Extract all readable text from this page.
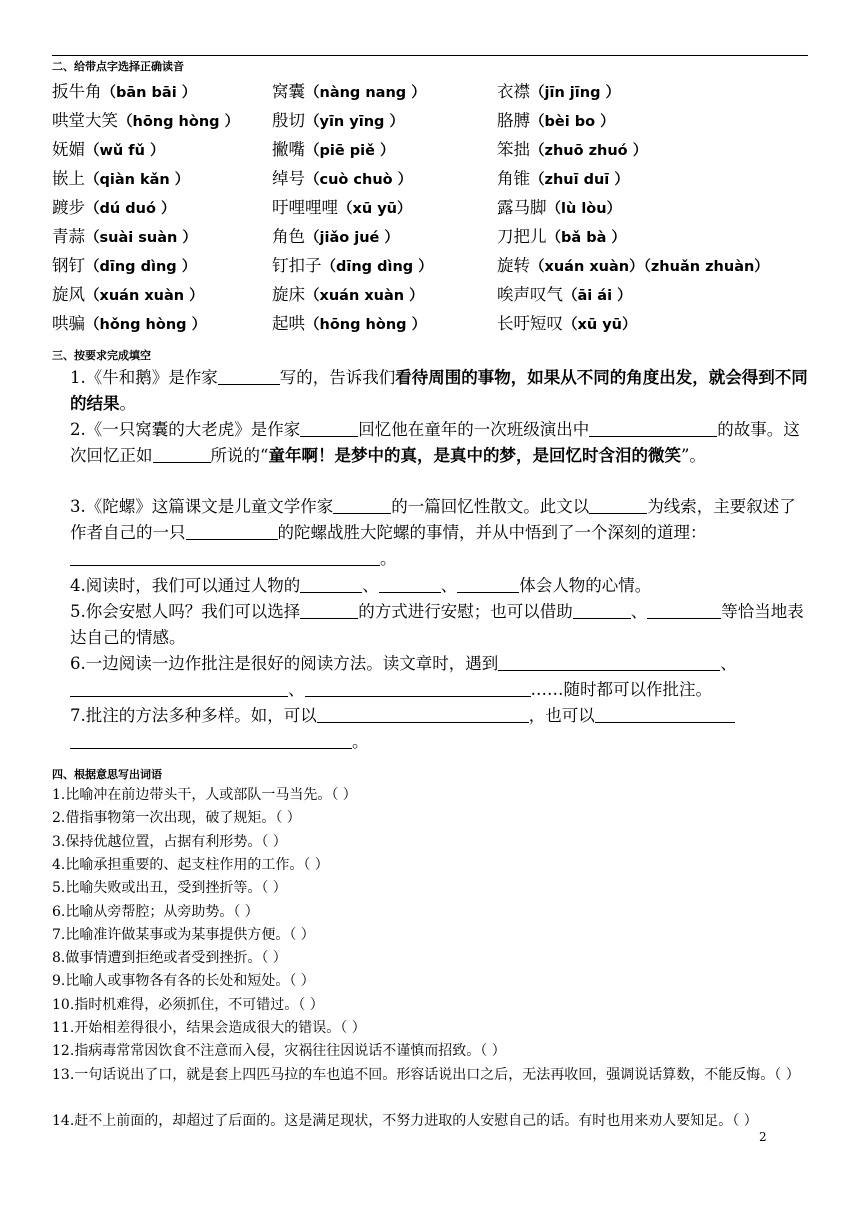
二、给带点字选择正确读音
扳牛角（bān bāi ）	窝囊（nàng nang ）	衣襟（jīn jīng ）
哄堂大笑（hōng hòng ） 殷切（yīn yīng ）	胳膊（bèi bo ）
妩媚（wǔ fǔ ）	撇嘴（piē piě ）	笨拙（zhuō zhuó ）
嵌上（qiàn kǎn ）	绰号（cuò chuò ）	角锥（zhuī duī ）
踱步（dú duó ）	吁哩哩哩（xū yū）	露马脚（lù lòu）
青蒜（suài suàn ）	角色（jiǎo jué ）	刀把儿（bǎ bà ）
钢钉（dīng dìng ）	钉扣子（dīng dìng ）	旋转（xuán xuàn）（zhuǎn zhuàn）
旋风（xuán xuàn ）	旋床（xuán xuàn ）	唉声叹气（āi ái ）
哄骗（hǒng hòng ）	起哄（hōng hòng ）	长吁短叹（xū yū）
三、按要求完成填空
1.《牛和鹅》是作家	写的，告诉我们看待周围的事物，如果从不同的角度出发，就会得到不同的结果。
2.《一只窝囊的大老虎》是作家	回忆他在童年的一次班级演出中	的故事。这次回忆正如	所说的“童年啊！是梦中的真，是真中的梦，是回忆时含泪的微笑”。
3.《陀螺》这篇课文是儿童文学作家	的一篇回忆性散文。此文以	为线索，主要叙述了作者自己的一只	的陀螺战胜大陀螺的事情，并从中悟到了一个深刻的道理：。
4.阅读时，我们可以通过人物的	、	、	体会人物的心情。
5.你会安慰人吗？我们可以选择	的方式进行安慰；也可以借助	、	等恰当地表达自己的情感。
6.一边阅读一边作批注是很好的阅读方法。读文章时，遇到	、、	……随时都可以作批注。
7.批注的方法多种多样。如，可以	，也可以
。
四、根据意思写出词语
1.比喻冲在前边带头干，人或部队一马当先。（ ）
2.借指事物第一次出现，破了规矩。（ ）
3.保持优越位置，占据有利形势。（ ）
4.比喻承担重要的、起支柱作用的工作。（ ）
5.比喻失败或出丑，受到挫折等。（ ）
6.比喻从旁帮腔；从旁助势。（ ）
7.比喻准许做某事或为某事提供方便。（ ）
8.做事情遭到拒绝或者受到挫折。（ ）
9.比喻人或事物各有各的长处和短处。（ ）
10.指时机难得，必须抓住，不可错过。（ ）
11.开始相差得很小，结果会造成很大的错误。（ ）
12.指病毒常常因饮食不注意而入侵，灾祸往往因说话不谨慎而招致。（ ）
13.一句话说出了口，就是套上四匹马拉的车也追不回。形容话说出口之后，无法再收回，强调说话算数，不能反悔。（ ）
14.赶不上前面的，却超过了后面的。这是满足现状，不努力进取的人安慰自己的话。有时也用来劝人要知足。（ ）
2
